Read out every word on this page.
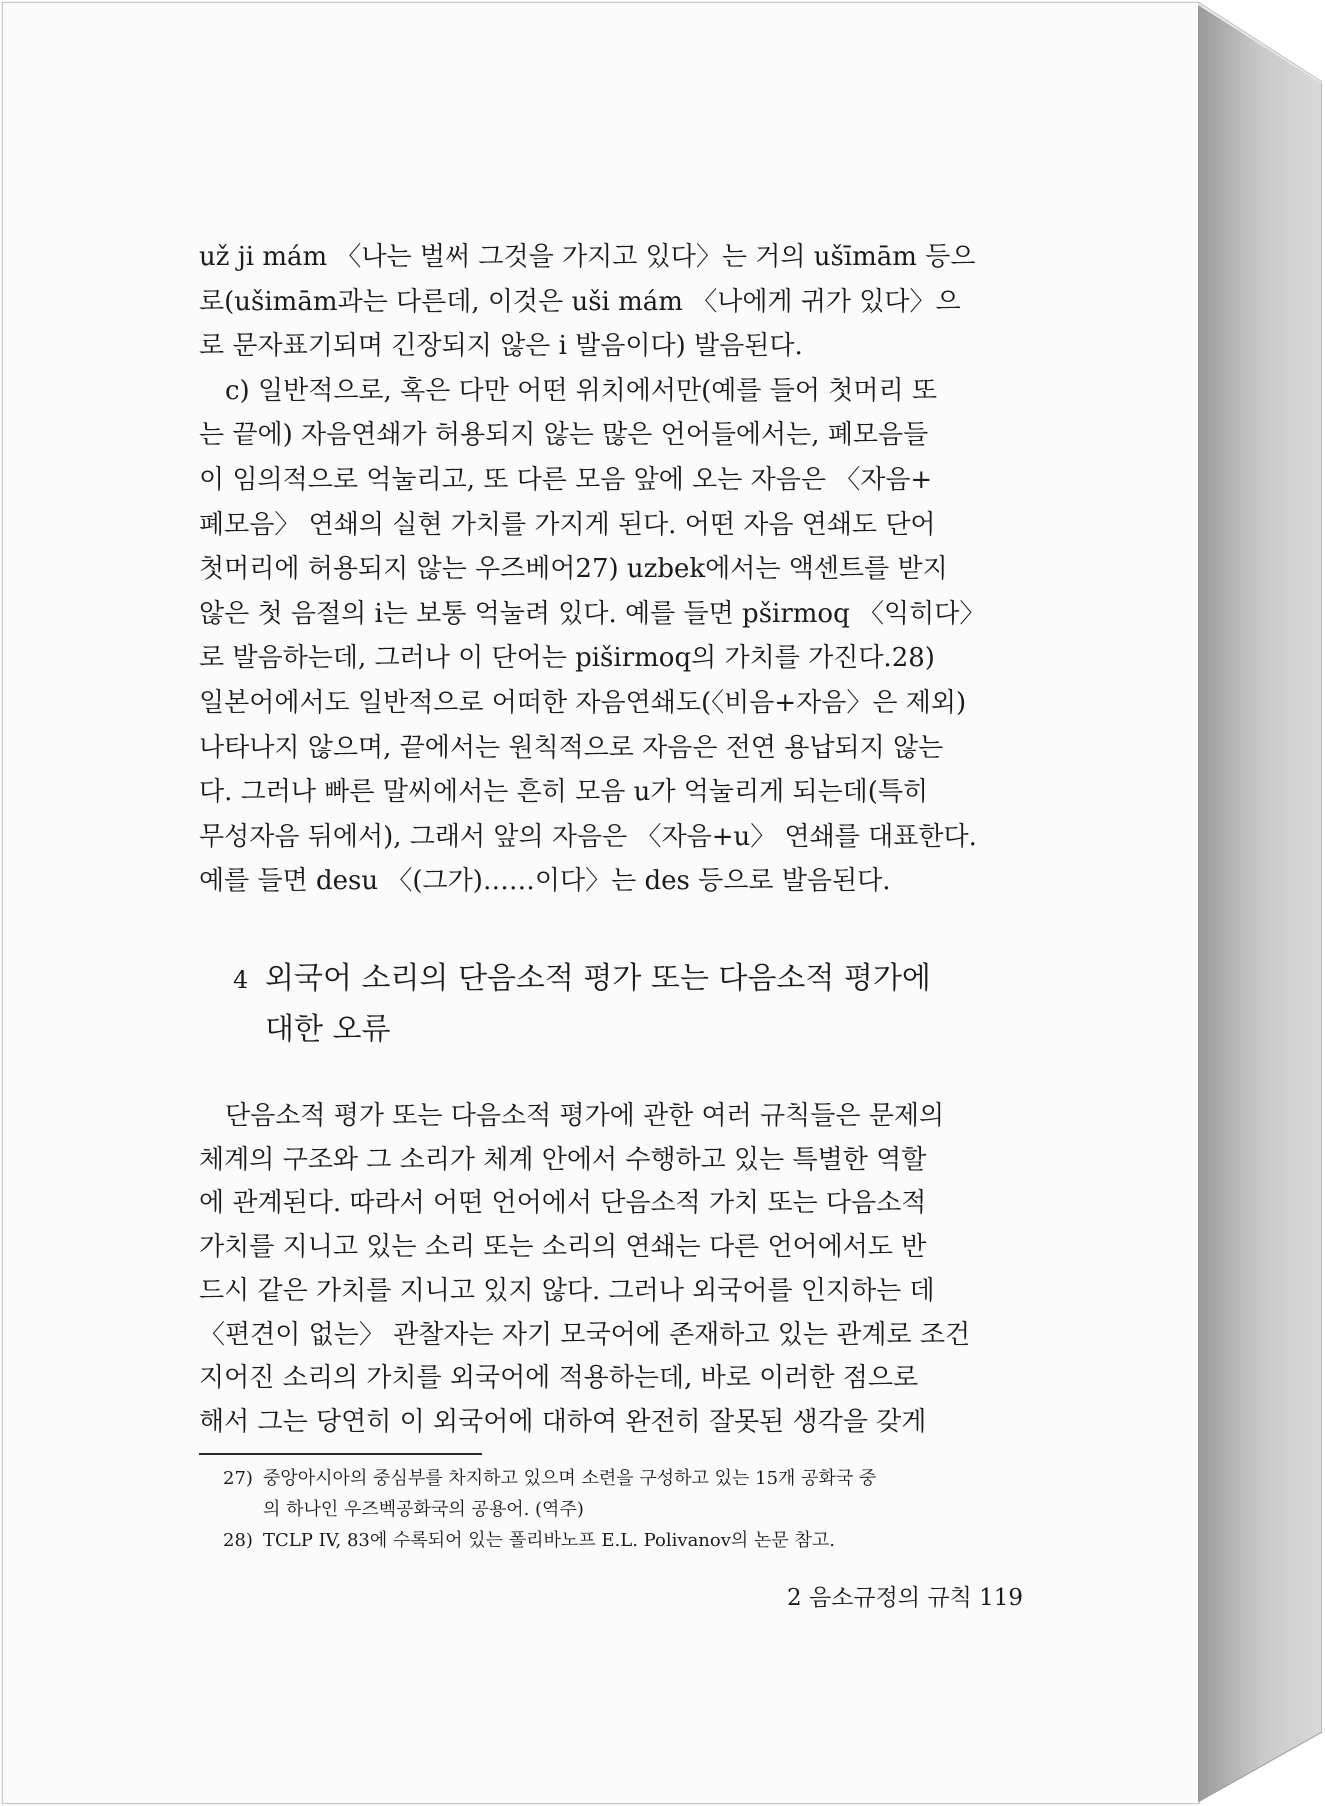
už ji mám 〈나는 벌써 그것을 가지고 있다〉는 거의 ušīmām 등으
로(ušimām과는 다른데, 이것은 uši mám 〈나에게 귀가 있다〉으
로 문자표기되며 긴장되지 않은 i 발음이다) 발음된다.

c) 일반적으로, 혹은 다만 어떤 위치에서만(예를 들어 첫머리 또
는 끝에) 자음연쇄가 허용되지 않는 많은 언어들에서는, 폐모음들
이 임의적으로 억눌리고, 또 다른 모음 앞에 오는 자음은 〈자음+
폐모음〉 연쇄의 실현 가치를 가지게 된다. 어떤 자음 연쇄도 단어
첫머리에 허용되지 않는 우즈베어27) uzbek에서는 액센트를 받지
않은 첫 음절의 i는 보통 억눌려 있다. 예를 들면 pširmoq 〈익히다〉
로 발음하는데, 그러나 이 단어는 piširmoq의 가치를 가진다.28)
일본어에서도 일반적으로 어떠한 자음연쇄도(〈비음+자음〉은 제외)
나타나지 않으며, 끝에서는 원칙적으로 자음은 전연 용납되지 않는
다. 그러나 빠른 말씨에서는 흔히 모음 u가 억눌리게 되는데(특히
무성자음 뒤에서), 그래서 앞의 자음은 〈자음+u〉 연쇄를 대표한다.
예를 들면 desu 〈(그가)……이다〉는 des 등으로 발음된다.

4 외국어 소리의 단음소적 평가 또는 다음소적 평가에
대한 오류

단음소적 평가 또는 다음소적 평가에 관한 여러 규칙들은 문제의
체계의 구조와 그 소리가 체계 안에서 수행하고 있는 특별한 역할
에 관계된다. 따라서 어떤 언어에서 단음소적 가치 또는 다음소적
가치를 지니고 있는 소리 또는 소리의 연쇄는 다른 언어에서도 반
드시 같은 가치를 지니고 있지 않다. 그러나 외국어를 인지하는 데
〈편견이 없는〉 관찰자는 자기 모국어에 존재하고 있는 관계로 조건
지어진 소리의 가치를 외국어에 적용하는데, 바로 이러한 점으로
해서 그는 당연히 이 외국어에 대하여 완전히 잘못된 생각을 갖게

27) 중앙아시아의 중심부를 차지하고 있으며 소련을 구성하고 있는 15개 공화국 중
의 하나인 우즈벡공화국의 공용어. (역주)
28) TCLP IV, 83에 수록되어 있는 폴리바노프 E.L. Polivanov의 논문 참고.
2 음소규정의 규칙 119
